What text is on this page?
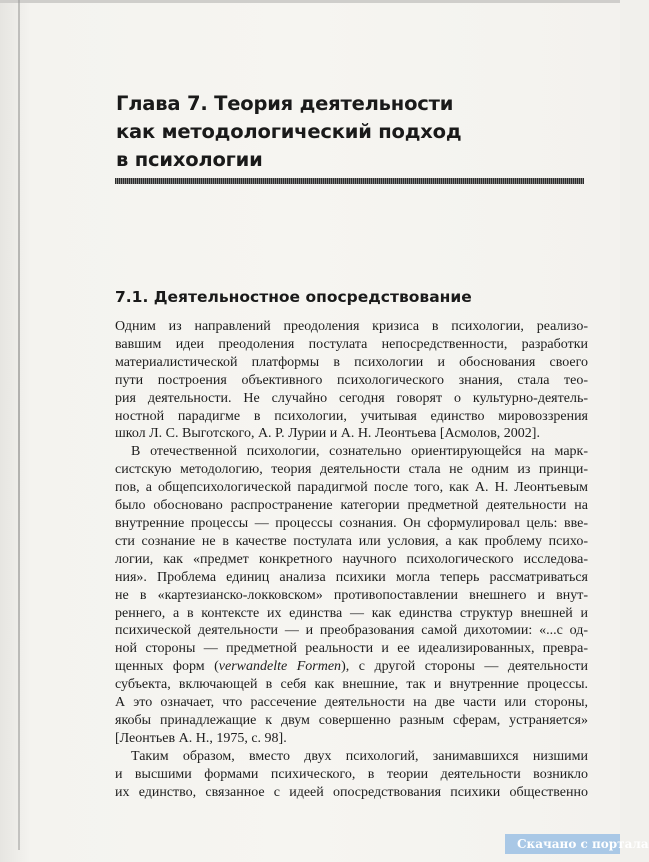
Глава 7. Теория деятельности
как методологический подход
в психологии
7.1. Деятельностное опосредствование
Одним из направлений преодоления кризиса в психологии, реализо-
вавшим идеи преодоления постулата непосредственности, разработки
материалистической платформы в психологии и обоснования своего
пути построения объективного психологического знания, стала тео-
рия деятельности. Не случайно сегодня говорят о культурно-деятель-
ностной парадигме в психологии, учитывая единство мировоззрения
школ Л. С. Выготского, А. Р. Лурии и А. Н. Леонтьева [Асмолов, 2002].
В отечественной психологии, сознательно ориентирующейся на марк-
систскую методологию, теория деятельности стала не одним из принци-
пов, а общепсихологической парадигмой после того, как А. Н. Леонтьевым
было обосновано распространение категории предметной деятельности на
внутренние процессы — процессы сознания. Он сформулировал цель: вве-
сти сознание не в качестве постулата или условия, а как проблему психо-
логии, как «предмет конкретного научного психологического исследова-
ния». Проблема единиц анализа психики могла теперь рассматриваться
не в «картезианско-локковском» противопоставлении внешнего и внут-
реннего, а в контексте их единства — как единства структур внешней и
психической деятельности — и преобразования самой дихотомии: «...с од-
ной стороны — предметной реальности и ее идеализированных, превра-
щенных форм (verwandelte Formen), с другой стороны — деятельности
субъекта, включающей в себя как внешние, так и внутренние процессы.
А это означает, что рассечение деятельности на две части или стороны,
якобы принадлежащие к двум совершенно разным сферам, устраняется»
[Леонтьев А. Н., 1975, с. 98].
Таким образом, вместо двух психологий, занимавшихся низшими
и высшими формами психического, в теории деятельности возникло
их единство, связанное с идеей опосредствования психики общественно
Скачано с портала
